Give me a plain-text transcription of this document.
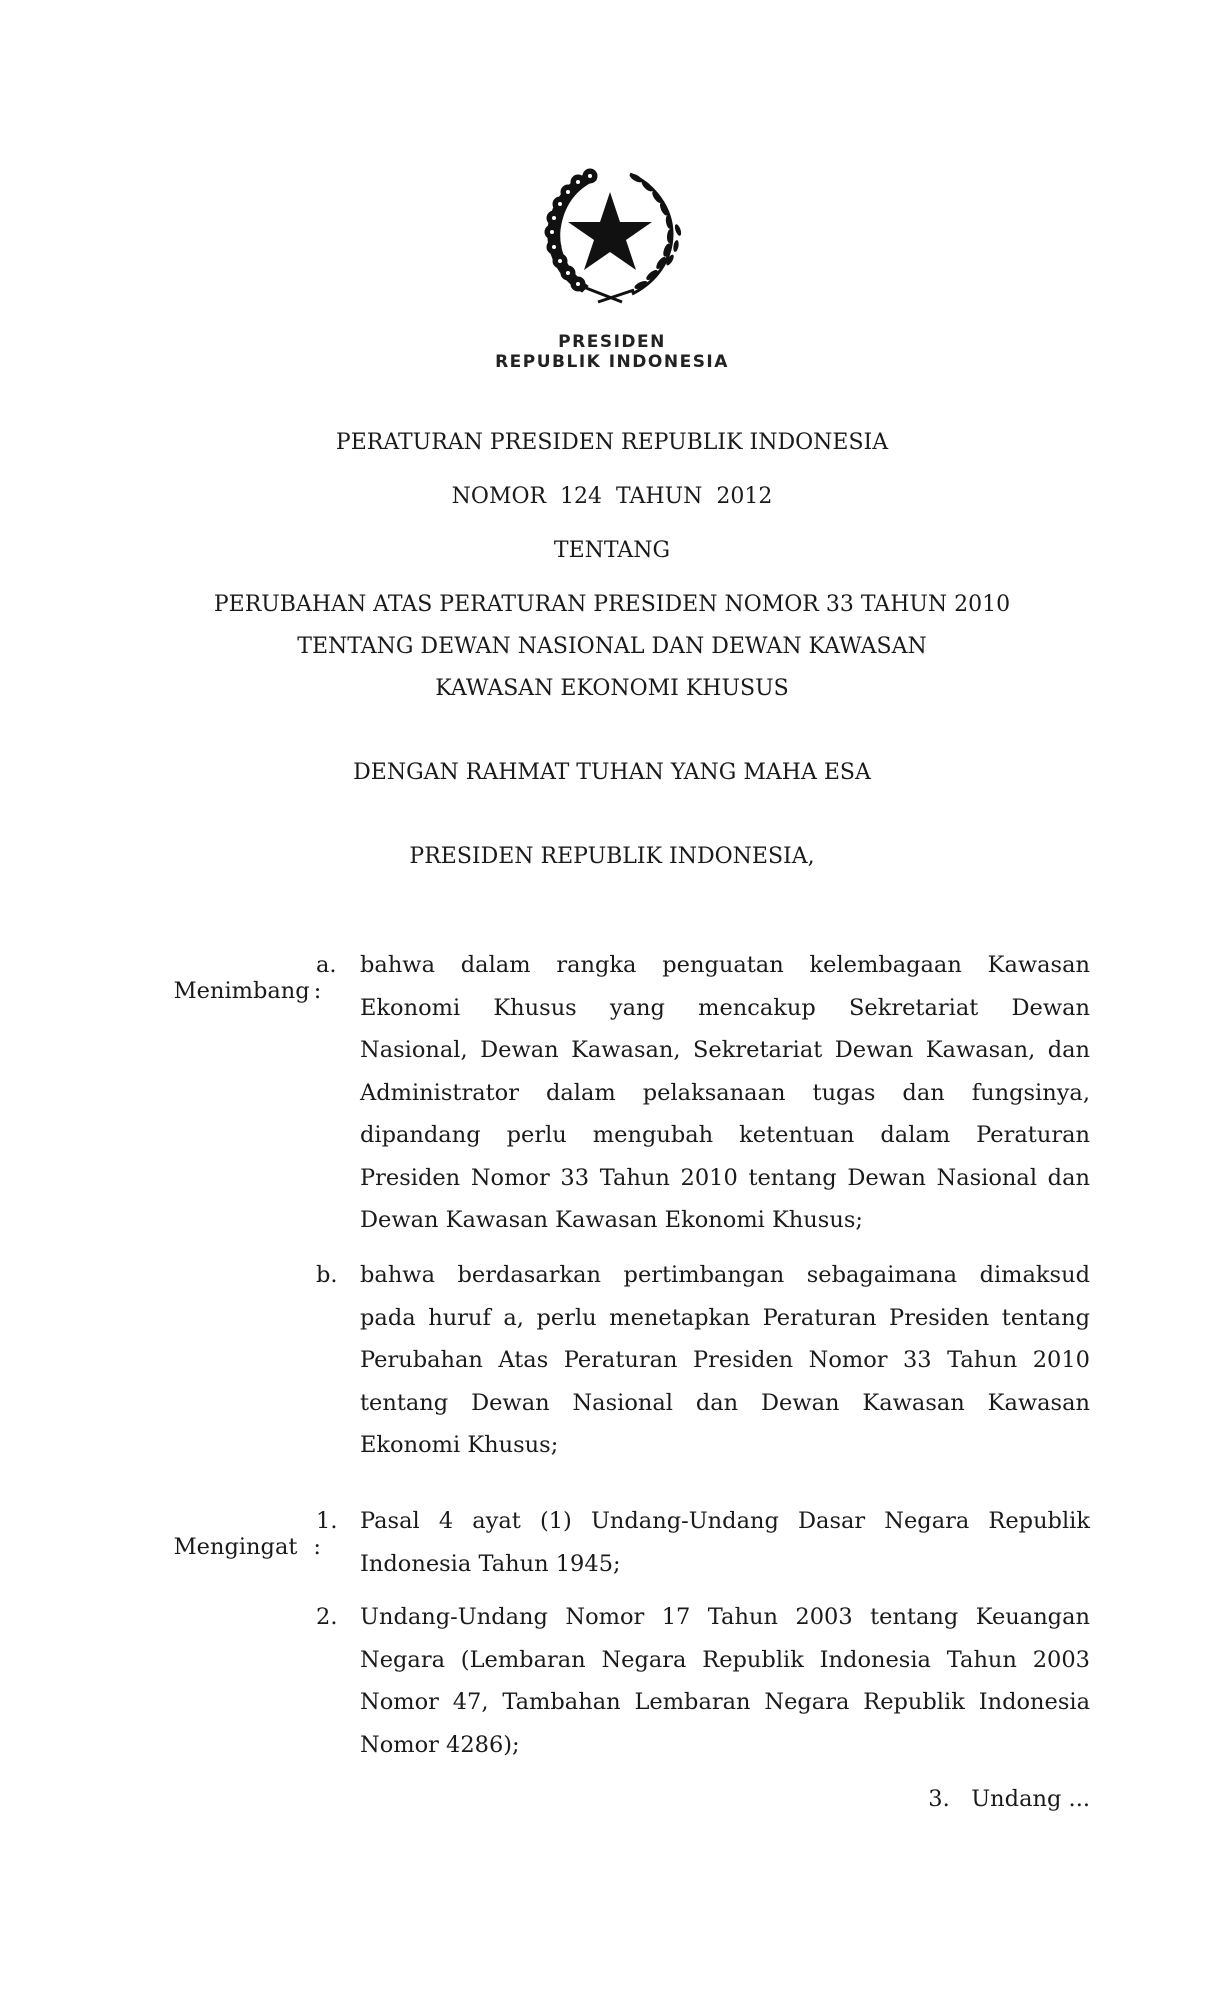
PRESIDEN
REPUBLIK INDONESIA
PERATURAN PRESIDEN REPUBLIK INDONESIA
NOMOR  124  TAHUN  2012
TENTANG
PERUBAHAN ATAS PERATURAN PRESIDEN NOMOR 33 TAHUN 2010
TENTANG DEWAN NASIONAL DAN DEWAN KAWASAN
KAWASAN EKONOMI KHUSUS
DENGAN RAHMAT TUHAN YANG MAHA ESA
PRESIDEN REPUBLIK INDONESIA,

Menimbang :

a. bahwa dalam rangka penguatan kelembagaan Kawasan
Ekonomi Khusus yang mencakup Sekretariat Dewan
Nasional, Dewan Kawasan, Sekretariat Dewan Kawasan, dan
Administrator dalam pelaksanaan tugas dan fungsinya,
dipandang perlu mengubah ketentuan dalam Peraturan
Presiden Nomor 33 Tahun 2010 tentang Dewan Nasional dan
Dewan Kawasan Kawasan Ekonomi Khusus;
b. bahwa berdasarkan pertimbangan sebagaimana dimaksud
pada huruf a, perlu menetapkan Peraturan Presiden tentang
Perubahan Atas Peraturan Presiden Nomor 33 Tahun 2010
tentang Dewan Nasional dan Dewan Kawasan Kawasan
Ekonomi Khusus;

Mengingat :

1. Pasal 4 ayat (1) Undang-Undang Dasar Negara Republik
Indonesia Tahun 1945;
2. Undang-Undang Nomor 17 Tahun 2003 tentang Keuangan
Negara (Lembaran Negara Republik Indonesia Tahun 2003
Nomor 47, Tambahan Lembaran Negara Republik Indonesia
Nomor 4286);
3.   Undang ...
